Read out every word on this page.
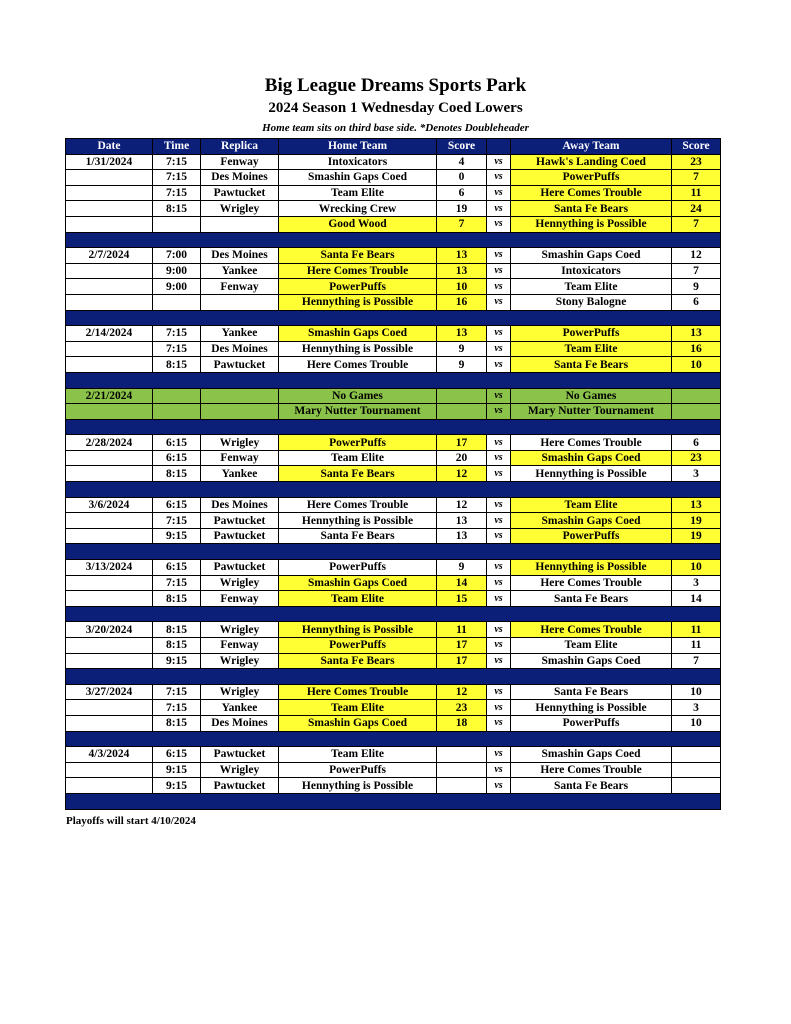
Big League Dreams Sports Park
2024 Season 1 Wednesday Coed Lowers
Home team sits on third base side. *Denotes Doubleheader
Date	Time	Replica	Home Team	Score		Away Team	Score
1/31/2024	7:15	Fenway	Intoxicators	4	vs	Hawk's Landing Coed	23
	7:15	Des Moines	Smashin Gaps Coed	0	vs	PowerPuffs	7
	7:15	Pawtucket	Team Elite	6	vs	Here Comes Trouble	11
	8:15	Wrigley	Wrecking Crew	19	vs	Santa Fe Bears	24
			Good Wood	7	vs	Hennything is Possible	7

2/7/2024	7:00	Des Moines	Santa Fe Bears	13	vs	Smashin Gaps Coed	12
	9:00	Yankee	Here Comes Trouble	13	vs	Intoxicators	7
	9:00	Fenway	PowerPuffs	10	vs	Team Elite	9
			Hennything is Possible	16	vs	Stony Balogne	6

2/14/2024	7:15	Yankee	Smashin Gaps Coed	13	vs	PowerPuffs	13
	7:15	Des Moines	Hennything is Possible	9	vs	Team Elite	16
	8:15	Pawtucket	Here Comes Trouble	9	vs	Santa Fe Bears	10

2/21/2024			No Games		vs	No Games	
			Mary Nutter Tournament		vs	Mary Nutter Tournament	

2/28/2024	6:15	Wrigley	PowerPuffs	17	vs	Here Comes Trouble	6
	6:15	Fenway	Team Elite	20	vs	Smashin Gaps Coed	23
	8:15	Yankee	Santa Fe Bears	12	vs	Hennything is Possible	3

3/6/2024	6:15	Des Moines	Here Comes Trouble	12	vs	Team Elite	13
	7:15	Pawtucket	Hennything is Possible	13	vs	Smashin Gaps Coed	19
	9:15	Pawtucket	Santa Fe Bears	13	vs	PowerPuffs	19

3/13/2024	6:15	Pawtucket	PowerPuffs	9	vs	Hennything is Possible	10
	7:15	Wrigley	Smashin Gaps Coed	14	vs	Here Comes Trouble	3
	8:15	Fenway	Team Elite	15	vs	Santa Fe Bears	14

3/20/2024	8:15	Wrigley	Hennything is Possible	11	vs	Here Comes Trouble	11
	8:15	Fenway	PowerPuffs	17	vs	Team Elite	11
	9:15	Wrigley	Santa Fe Bears	17	vs	Smashin Gaps Coed	7

3/27/2024	7:15	Wrigley	Here Comes Trouble	12	vs	Santa Fe Bears	10
	7:15	Yankee	Team Elite	23	vs	Hennything is Possible	3
	8:15	Des Moines	Smashin Gaps Coed	18	vs	PowerPuffs	10

4/3/2024	6:15	Pawtucket	Team Elite		vs	Smashin Gaps Coed	
	9:15	Wrigley	PowerPuffs		vs	Here Comes Trouble	
	9:15	Pawtucket	Hennything is Possible		vs	Santa Fe Bears	

Playoffs will start 4/10/2024
